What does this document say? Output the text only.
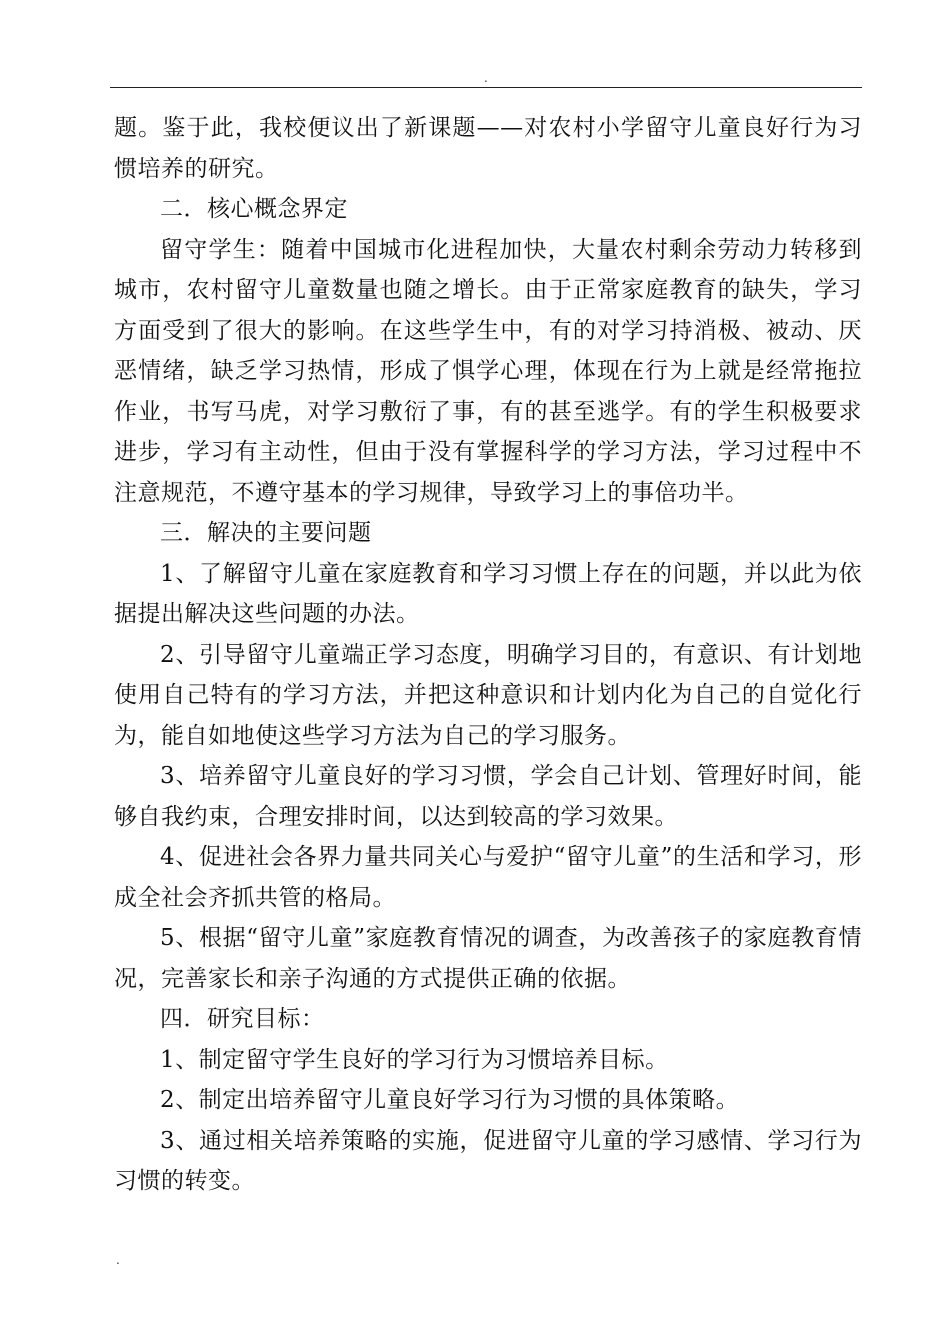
.

题。鉴于此，我校便议出了新课题——对农村小学留守儿童良好行为习惯培养的研究。

二．核心概念界定

留守学生：随着中国城市化进程加快，大量农村剩余劳动力转移到城市，农村留守儿童数量也随之增长。由于正常家庭教育的缺失，学习方面受到了很大的影响。在这些学生中，有的对学习持消极、被动、厌恶情绪，缺乏学习热情，形成了惧学心理，体现在行为上就是经常拖拉作业，书写马虎，对学习敷衍了事，有的甚至逃学。有的学生积极要求进步，学习有主动性，但由于没有掌握科学的学习方法，学习过程中不注意规范，不遵守基本的学习规律，导致学习上的事倍功半。

三．解决的主要问题

1、了解留守儿童在家庭教育和学习习惯上存在的问题，并以此为依据提出解决这些问题的办法。

2、引导留守儿童端正学习态度，明确学习目的，有意识、有计划地使用自己特有的学习方法，并把这种意识和计划内化为自己的自觉化行为，能自如地使这些学习方法为自己的学习服务。

3、培养留守儿童良好的学习习惯，学会自己计划、管理好时间，能够自我约束，合理安排时间，以达到较高的学习效果。

4、促进社会各界力量共同关心与爱护“留守儿童”的生活和学习，形成全社会齐抓共管的格局。

5、根据“留守儿童”家庭教育情况的调查，为改善孩子的家庭教育情况，完善家长和亲子沟通的方式提供正确的依据。

四．研究目标：

1、制定留守学生良好的学习行为习惯培养目标。

2、制定出培养留守儿童良好学习行为习惯的具体策略。

3、通过相关培养策略的实施，促进留守儿童的学习感情、学习行为习惯的转变。

.
